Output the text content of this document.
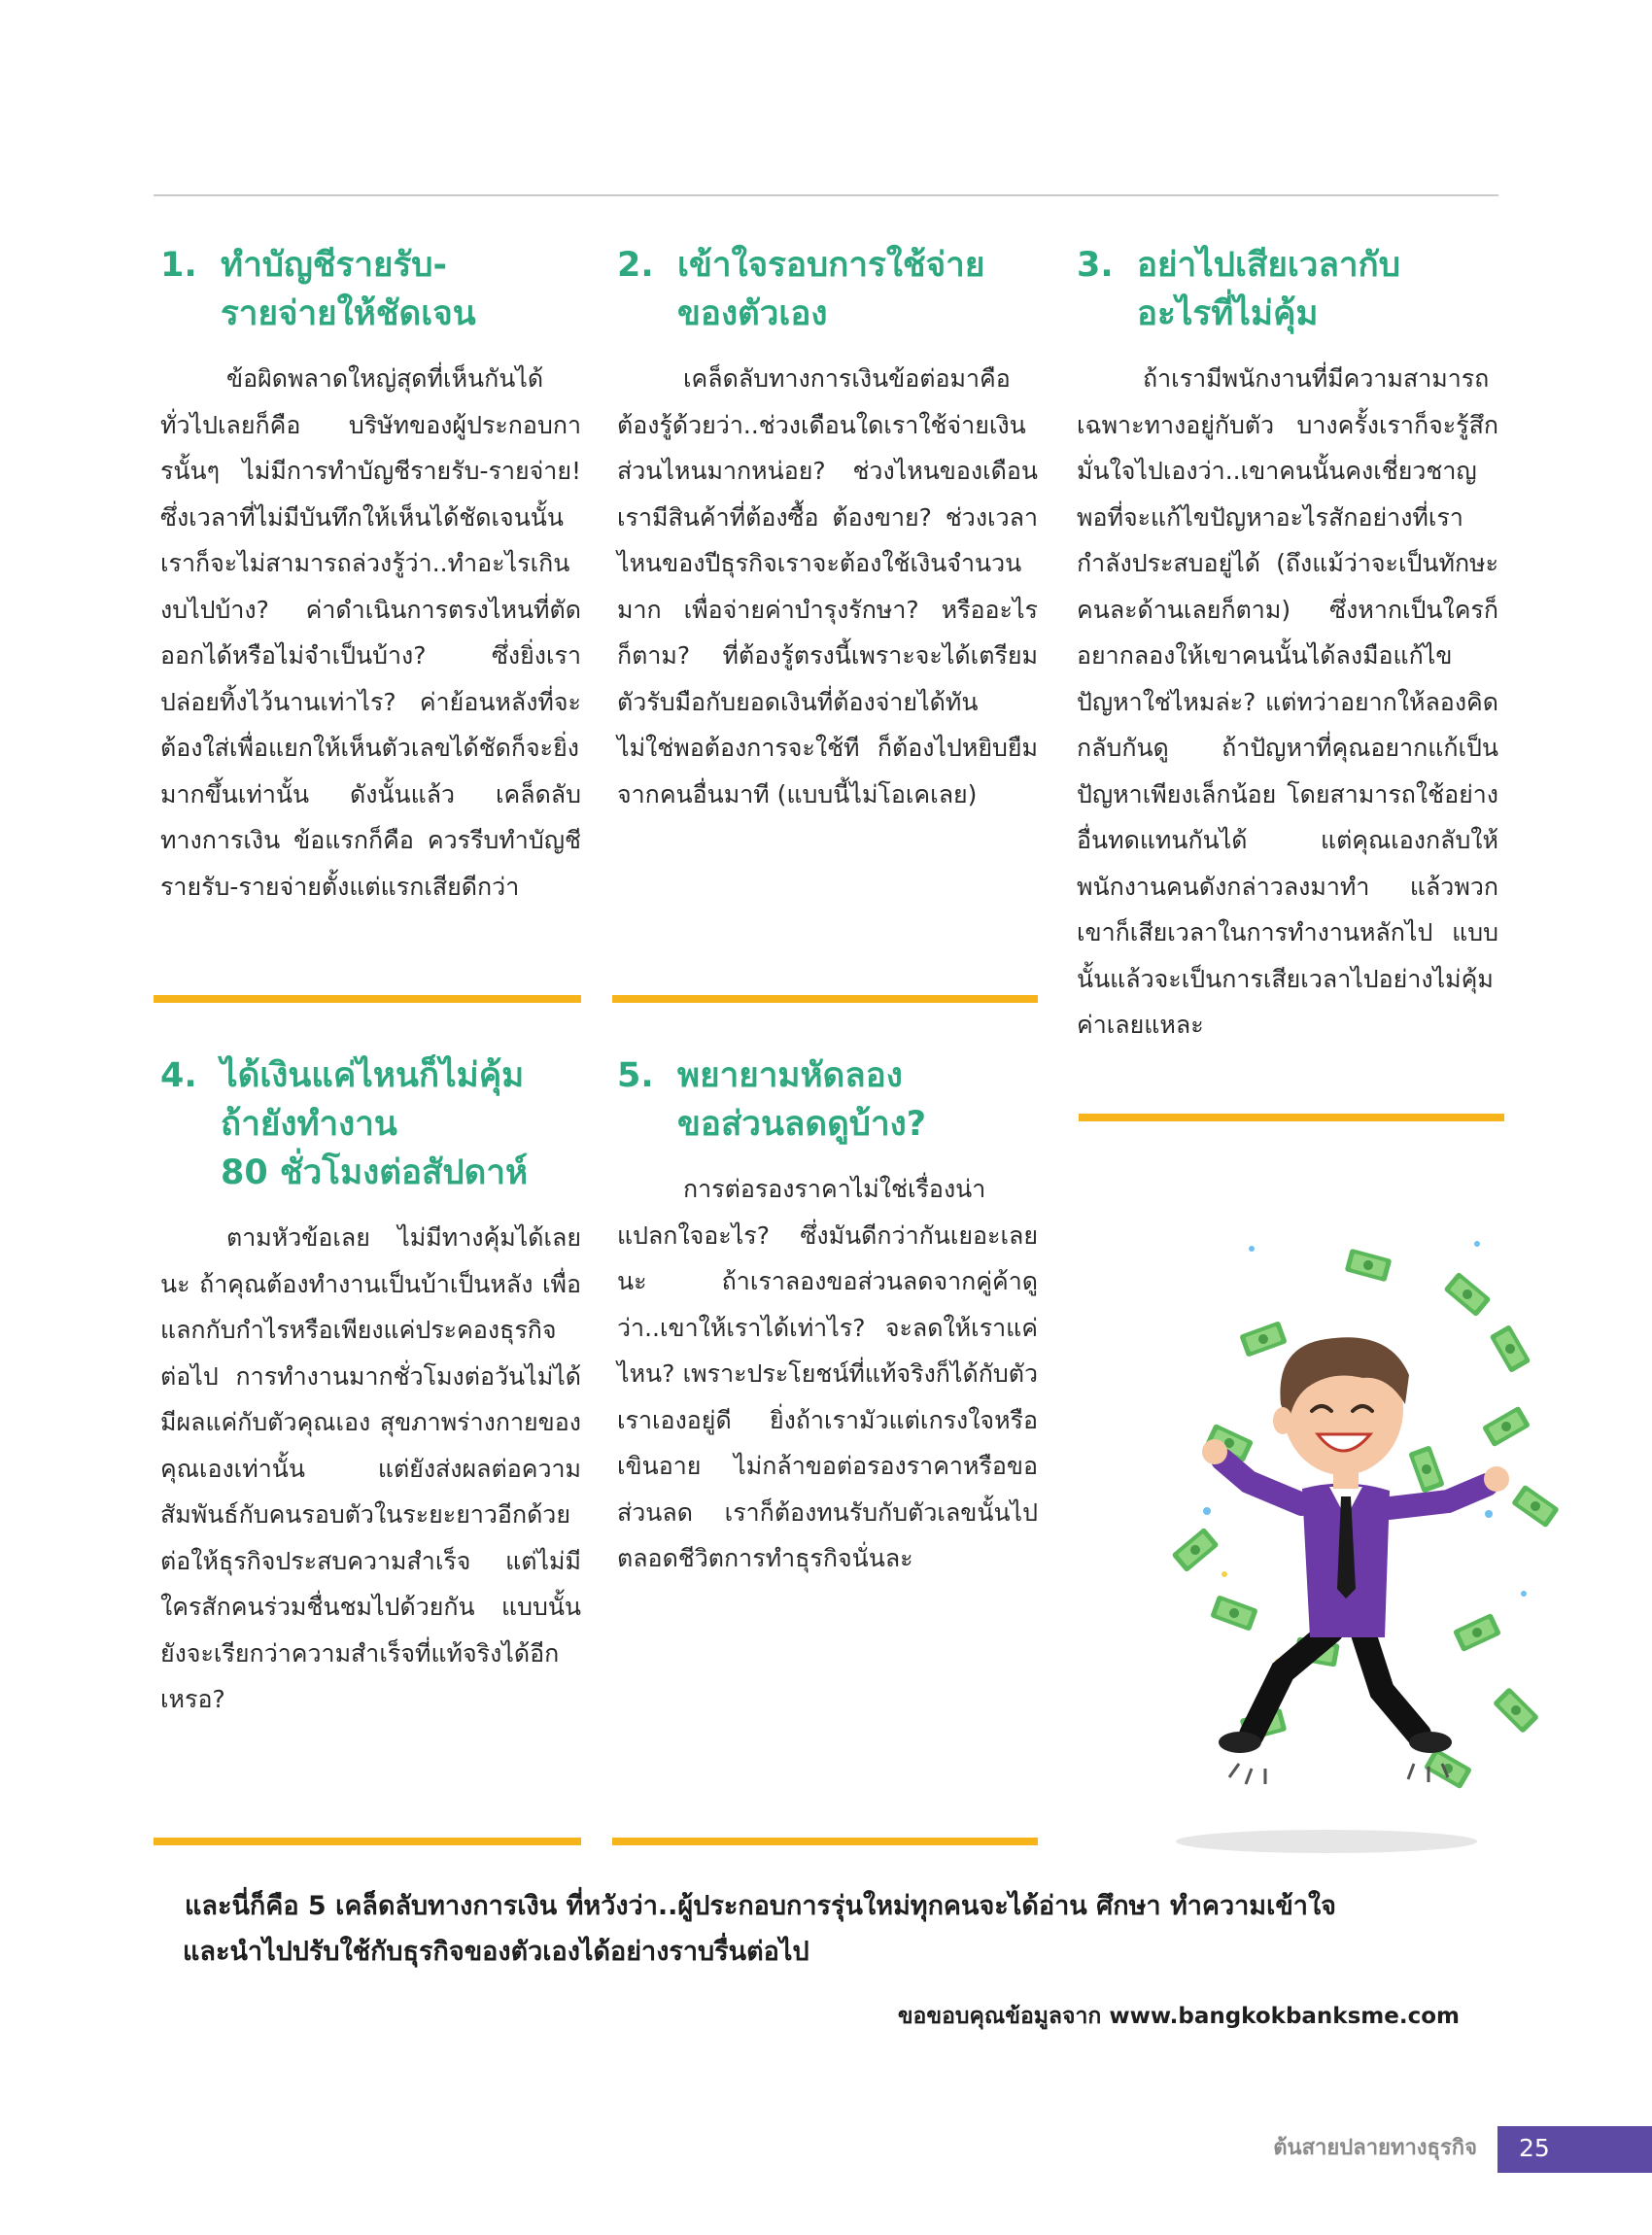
1. ทำบัญชีรายรับ-
รายจ่ายให้ชัดเจน

ข้อผิดพลาดใหญ่สุดที่เห็นกันได้ทั่วไปเลยก็คือ บริษัทของผู้ประกอบการนั้นๆ ไม่มีการทำบัญชีรายรับ-รายจ่าย! ซึ่งเวลาที่ไม่มีบันทึกให้เห็นได้ชัดเจนนั้น เราก็จะไม่สามารถล่วงรู้ว่า..ทำอะไรเกินงบไปบ้าง? ค่าดำเนินการตรงไหนที่ตัดออกได้หรือไม่จำเป็นบ้าง? ซึ่งยิ่งเราปล่อยทิ้งไว้นานเท่าไร? ค่าย้อนหลังที่จะต้องใส่เพื่อแยกให้เห็นตัวเลขได้ชัดก็จะยิ่งมากขึ้นเท่านั้น ดังนั้นแล้ว เคล็ดลับทางการเงิน ข้อแรกก็คือ ควรรีบทำบัญชีรายรับ-รายจ่ายตั้งแต่แรกเสียดีกว่า

2. เข้าใจรอบการใช้จ่าย
ของตัวเอง

เคล็ดลับทางการเงินข้อต่อมาคือ ต้องรู้ด้วยว่า..ช่วงเดือนใดเราใช้จ่ายเงินส่วนไหนมากหน่อย? ช่วงไหนของเดือนเรามีสินค้าที่ต้องซื้อ ต้องขาย? ช่วงเวลาไหนของปีธุรกิจเราจะต้องใช้เงินจำนวนมาก เพื่อจ่ายค่าบำรุงรักษา? หรืออะไรก็ตาม? ที่ต้องรู้ตรงนี้เพราะจะได้เตรียมตัวรับมือกับยอดเงินที่ต้องจ่ายได้ทัน ไม่ใช่พอต้องการจะใช้ที ก็ต้องไปหยิบยืมจากคนอื่นมาที (แบบนี้ไม่โอเคเลย)

3. อย่าไปเสียเวลากับ
อะไรที่ไม่คุ้ม

ถ้าเรามีพนักงานที่มีความสามารถเฉพาะทางอยู่กับตัว บางครั้งเราก็จะรู้สึกมั่นใจไปเองว่า..เขาคนนั้นคงเชี่ยวชาญพอที่จะแก้ไขปัญหาอะไรสักอย่างที่เรากำลังประสบอยู่ได้ (ถึงแม้ว่าจะเป็นทักษะคนละด้านเลยก็ตาม) ซึ่งหากเป็นใครก็อยากลองให้เขาคนนั้นได้ลงมือแก้ไขปัญหาใช่ไหมล่ะ? แต่ทว่าอยากให้ลองคิดกลับกันดู ถ้าปัญหาที่คุณอยากแก้เป็นปัญหาเพียงเล็กน้อย โดยสามารถใช้อย่างอื่นทดแทนกันได้ แต่คุณเองกลับให้พนักงานคนดังกล่าวลงมาทำ แล้วพวกเขาก็เสียเวลาในการทำงานหลักไป แบบนั้นแล้วจะเป็นการเสียเวลาไปอย่างไม่คุ้มค่าเลยแหละ

4. ได้เงินแค่ไหนก็ไม่คุ้ม
ถ้ายังทำงาน
80 ชั่วโมงต่อสัปดาห์

ตามหัวข้อเลย ไม่มีทางคุ้มได้เลยนะ ถ้าคุณต้องทำงานเป็นบ้าเป็นหลัง เพื่อแลกกับกำไรหรือเพียงแค่ประคองธุรกิจต่อไป การทำงานมากชั่วโมงต่อวันไม่ได้มีผลแค่กับตัวคุณเอง สุขภาพร่างกายของคุณเองเท่านั้น แต่ยังส่งผลต่อความสัมพันธ์กับคนรอบตัวในระยะยาวอีกด้วย ต่อให้ธุรกิจประสบความสำเร็จ แต่ไม่มีใครสักคนร่วมชื่นชมไปด้วยกัน แบบนั้นยังจะเรียกว่าความสำเร็จที่แท้จริงได้อีกเหรอ?

5. พยายามหัดลอง
ขอส่วนลดดูบ้าง?

การต่อรองราคาไม่ใช่เรื่องน่าแปลกใจอะไร? ซึ่งมันดีกว่ากันเยอะเลยนะ ถ้าเราลองขอส่วนลดจากคู่ค้าดูว่า..เขาให้เราได้เท่าไร? จะลดให้เราแค่ไหน? เพราะประโยชน์ที่แท้จริงก็ได้กับตัวเราเองอยู่ดี ยิ่งถ้าเรามัวแต่เกรงใจหรือเขินอาย ไม่กล้าขอต่อรองราคาหรือขอส่วนลด เราก็ต้องทนรับกับตัวเลขนั้นไปตลอดชีวิตการทำธุรกิจนั่นละ

และนี่ก็คือ 5 เคล็ดลับทางการเงิน ที่หวังว่า..ผู้ประกอบการรุ่นใหม่ทุกคนจะได้อ่าน ศึกษา ทำความเข้าใจ
และนำไปปรับใช้กับธุรกิจของตัวเองได้อย่างราบรื่นต่อไป
ขอขอบคุณข้อมูลจาก www.bangkokbanksme.com
ต้นสายปลายทางธุรกิจ 25
